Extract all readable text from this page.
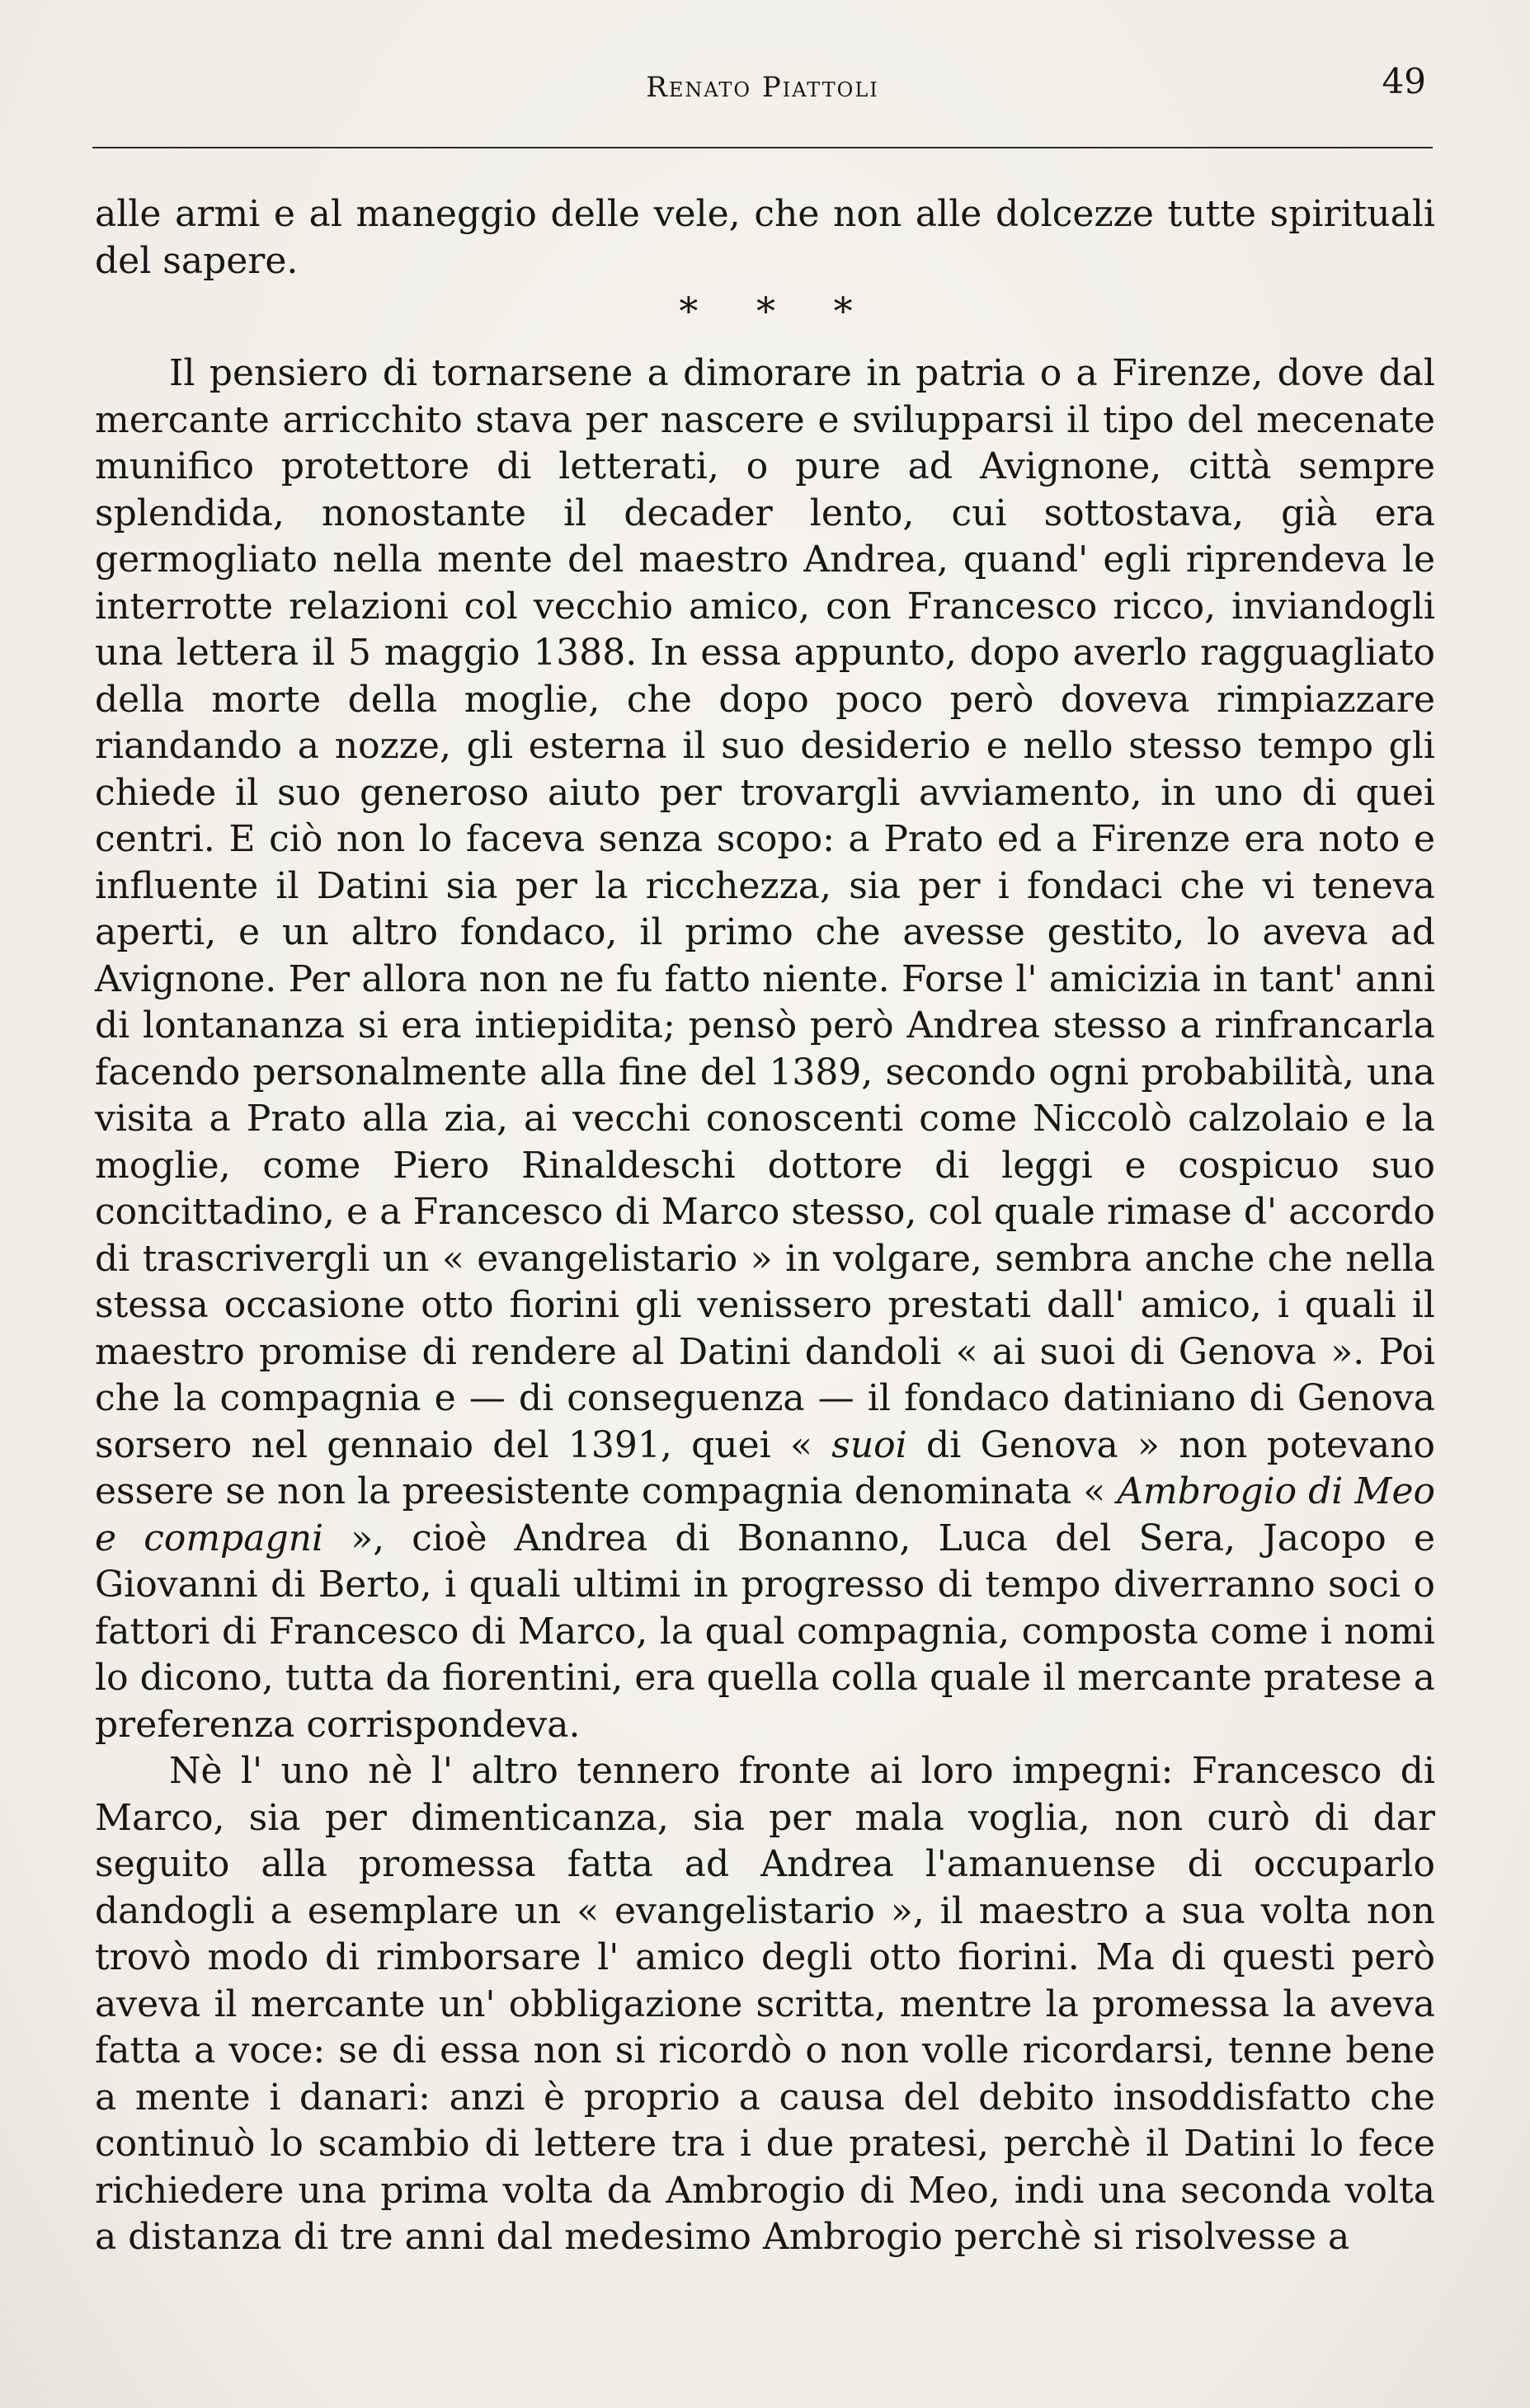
Renato Piattoli	49

alle armi e al maneggio delle vele, che non alle dolcezze tutte spirituali del sapere.

* * *

Il pensiero di tornarsene a dimorare in patria o a Firenze, dove dal mercante arricchito stava per nascere e svilupparsi il tipo del mecenate munifico protettore di letterati, o pure ad Avignone, città sempre splendida, nonostante il decader lento, cui sottostava, già era germogliato nella mente del maestro Andrea, quand' egli riprendeva le interrotte relazioni col vecchio amico, con Francesco ricco, inviandogli una lettera il 5 maggio 1388. In essa appunto, dopo averlo ragguagliato della morte della moglie, che dopo poco però doveva rimpiazzare riandando a nozze, gli esterna il suo desiderio e nello stesso tempo gli chiede il suo generoso aiuto per trovargli avviamento, in uno di quei centri. E ciò non lo faceva senza scopo: a Prato ed a Firenze era noto e influente il Datini sia per la ricchezza, sia per i fondaci che vi teneva aperti, e un altro fondaco, il primo che avesse gestito, lo aveva ad Avignone. Per allora non ne fu fatto niente. Forse l' amicizia in tant' anni di lontananza si era intiepidita; pensò però Andrea stesso a rinfrancarla facendo personalmente alla fine del 1389, secondo ogni probabilità, una visita a Prato alla zia, ai vecchi conoscenti come Niccolò calzolaio e la moglie, come Piero Rinaldeschi dottore di leggi e cospicuo suo concittadino, e a Francesco di Marco stesso, col quale rimase d' accordo di trascrivergli un « evangelistario » in volgare, sembra anche che nella stessa occasione otto fiorini gli venissero prestati dall' amico, i quali il maestro promise di rendere al Datini dandoli « ai suoi di Genova ». Poi che la compagnia e — di conseguenza — il fondaco datiniano di Genova sorsero nel gennaio del 1391, quei « suoi di Genova » non potevano essere se non la preesistente compagnia denominata « Ambrogio di Meo e compagni », cioè Andrea di Bonanno, Luca del Sera, Jacopo e Giovanni di Berto, i quali ultimi in progresso di tempo diverranno soci o fattori di Francesco di Marco, la qual compagnia, composta come i nomi lo dicono, tutta da fiorentini, era quella colla quale il mercante pratese a preferenza corrispondeva.

Nè l' uno nè l' altro tennero fronte ai loro impegni: Francesco di Marco, sia per dimenticanza, sia per mala voglia, non curò di dar seguito alla promessa fatta ad Andrea l'amanuense di occuparlo dandogli a esemplare un « evangelistario », il maestro a sua volta non trovò modo di rimborsare l' amico degli otto fiorini. Ma di questi però aveva il mercante un' obbligazione scritta, mentre la promessa la aveva fatta a voce: se di essa non si ricordò o non volle ricordarsi, tenne bene a mente i danari: anzi è proprio a causa del debito insoddisfatto che continuò lo scambio di lettere tra i due pratesi, perchè il Datini lo fece richiedere una prima volta da Ambrogio di Meo, indi una seconda volta a distanza di tre anni dal medesimo Ambrogio perchè si risolvesse a
